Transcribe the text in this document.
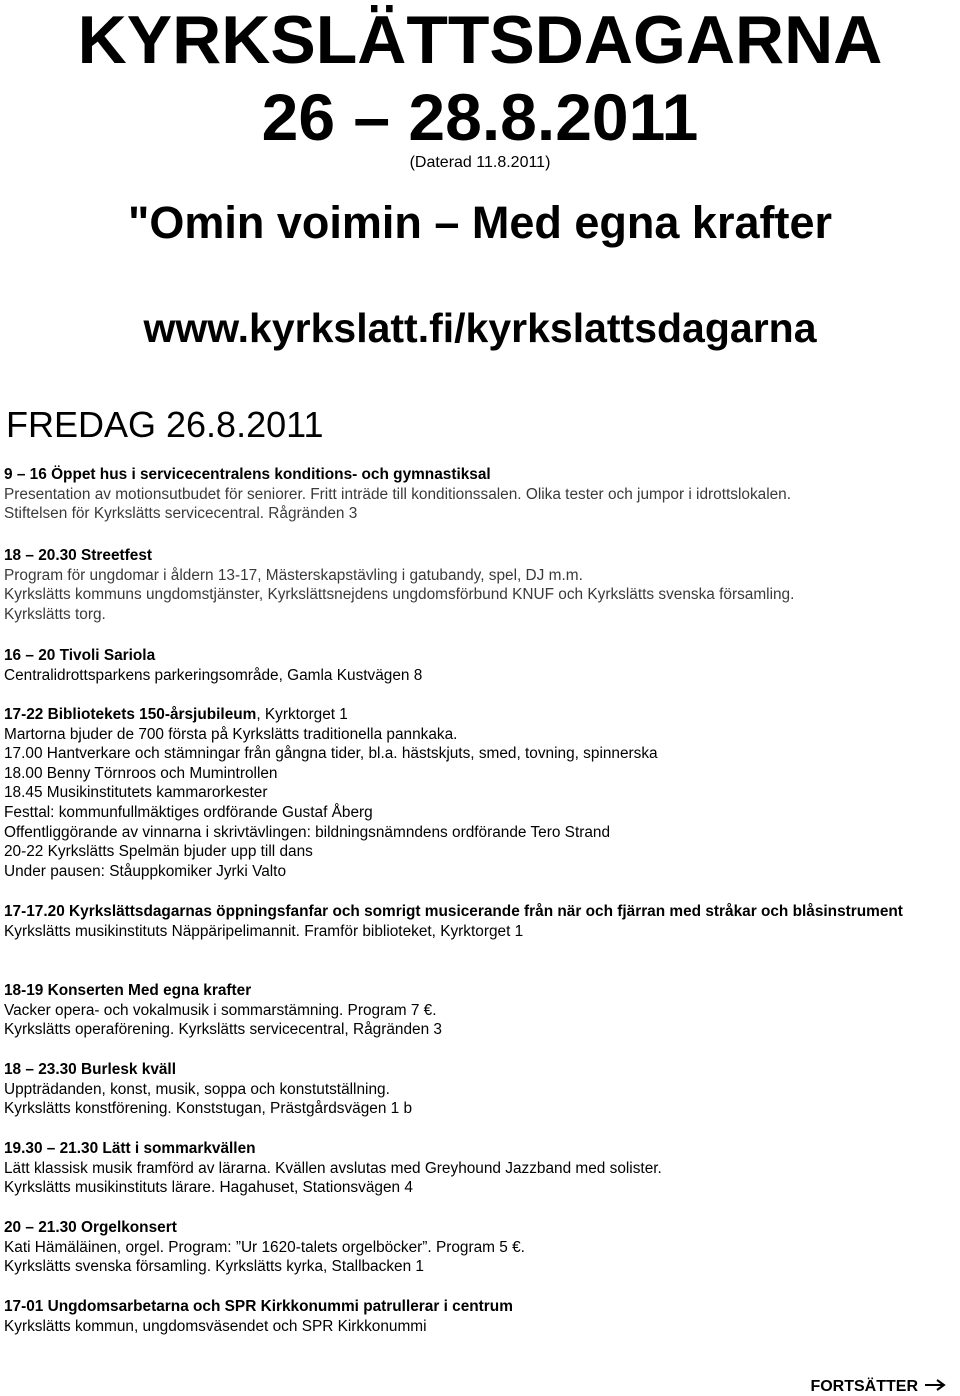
KYRKSLÄTTSDAGARNA
26 – 28.8.2011
(Daterad 11.8.2011)
"Omin voimin – Med egna krafter
www.kyrkslatt.fi/kyrkslattsdagarna
FREDAG 26.8.2011
9 – 16 Öppet hus i servicecentralens konditions- och gymnastiksal
Presentation av motionsutbudet för seniorer. Fritt inträde till konditionssalen. Olika tester och jumpor i idrottslokalen.
Stiftelsen för Kyrkslätts servicecentral. Rågränden 3
18 – 20.30 Streetfest
Program för ungdomar i åldern 13-17, Mästerskapstävling i gatubandy, spel, DJ m.m.
Kyrkslätts kommuns ungdomstjänster, Kyrkslättsnejdens ungdomsförbund KNUF och Kyrkslätts svenska församling.
Kyrkslätts torg.
16 – 20 Tivoli Sariola
Centralidrottsparkens parkeringsområde, Gamla Kustvägen 8
17-22 Bibliotekets 150-årsjubileum, Kyrktorget 1
Martorna bjuder de 700 första på Kyrkslätts traditionella pannkaka.
17.00 Hantverkare och stämningar från gångna tider, bl.a. hästskjuts, smed, tovning, spinnerska
18.00 Benny Törnroos och Mumintrollen
18.45 Musikinstitutets kammarorkester
Festtal: kommunfullmäktiges ordförande Gustaf Åberg
Offentliggörande av vinnarna i skrivtävlingen: bildningsnämndens ordförande Tero Strand
20-22 Kyrkslätts Spelmän bjuder upp till dans
Under pausen: Ståuppkomiker Jyrki Valto
17-17.20 Kyrkslättsdagarnas öppningsfanfar och somrigt musicerande från när och fjärran med stråkar och blåsinstrument
Kyrkslätts musikinstituts Näppäripelimannit. Framför biblioteket, Kyrktorget 1
18-19 Konserten Med egna krafter
Vacker opera- och vokalmusik i sommarstämning. Program 7 €.
Kyrkslätts operaförening. Kyrkslätts servicecentral, Rågränden 3
18 – 23.30 Burlesk kväll
Uppträdanden, konst, musik, soppa och konstutställning.
Kyrkslätts konstförening. Konststugan, Prästgårdsvägen 1 b
19.30 – 21.30 Lätt i sommarkvällen
Lätt klassisk musik framförd av lärarna. Kvällen avslutas med Greyhound Jazzband med solister.
Kyrkslätts musikinstituts lärare. Hagahuset, Stationsvägen 4
20 – 21.30 Orgelkonsert
Kati Hämäläinen, orgel. Program: ”Ur 1620-talets orgelböcker”. Program 5 €.
Kyrkslätts svenska församling. Kyrkslätts kyrka, Stallbacken 1
17-01 Ungdomsarbetarna och SPR Kirkkonummi patrullerar i centrum
Kyrkslätts kommun, ungdomsväsendet och SPR Kirkkonummi
FORTSÄTTER
